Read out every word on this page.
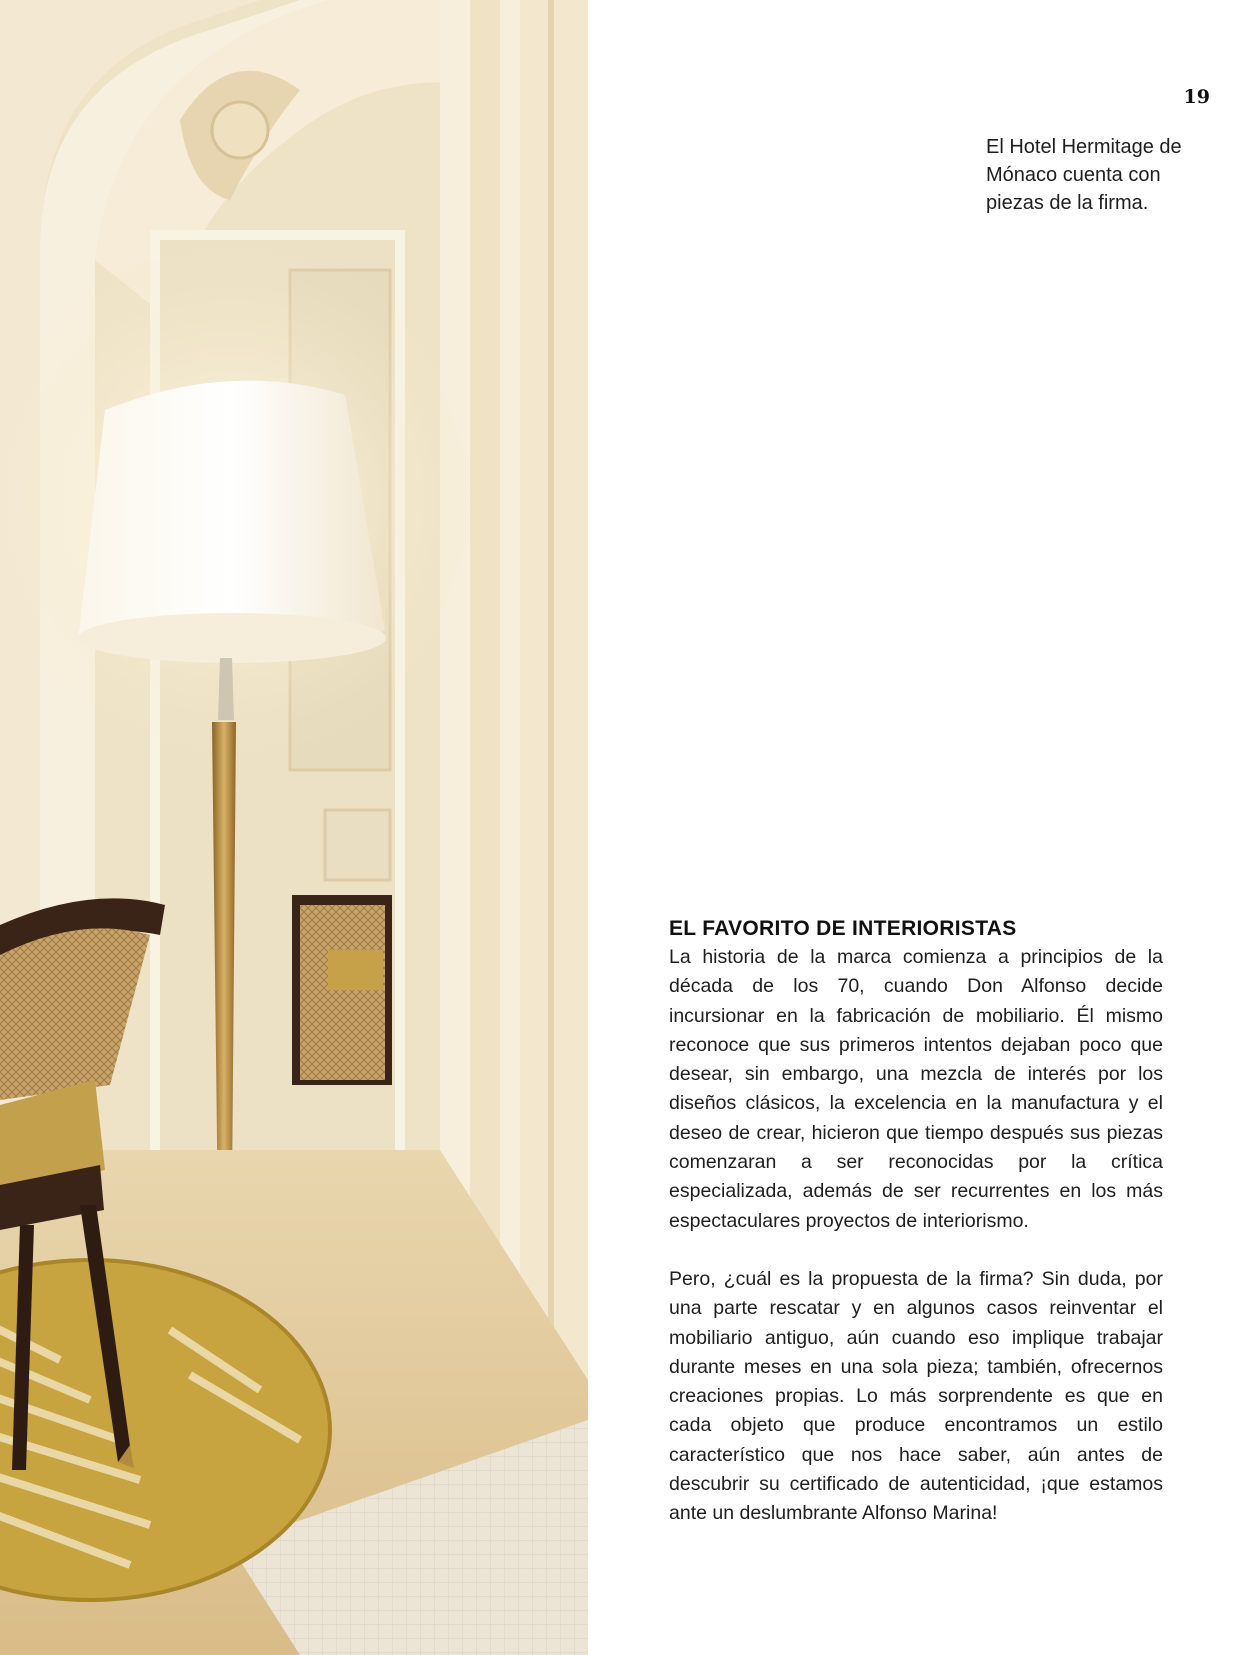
19
El Hotel Hermitage de Mónaco cuenta con piezas de la firma.
EL FAVORITO DE INTERIORISTAS

La historia de la marca comienza a principios de la década de los 70, cuando Don Alfonso decide incursionar en la fabricación de mobiliario. Él mismo reconoce que sus primeros intentos dejaban poco que desear, sin embargo, una mezcla de interés por los diseños clásicos, la excelencia en la manufactura y el deseo de crear, hicieron que tiempo después sus piezas comenzaran a ser reconocidas por la crítica especializada, además de ser recurrentes en los más espectaculares proyectos de interiorismo.

Pero, ¿cuál es la propuesta de la firma? Sin duda, por una parte rescatar y en algunos casos reinventar el mobiliario antiguo, aún cuando eso implique trabajar durante meses en una sola pieza; también, ofrecernos creaciones propias. Lo más sorprendente es que en cada objeto que produce encontramos un estilo característico que nos hace saber, aún antes de descubrir su certificado de autenticidad, ¡que estamos ante un deslumbrante Alfonso Marina!
